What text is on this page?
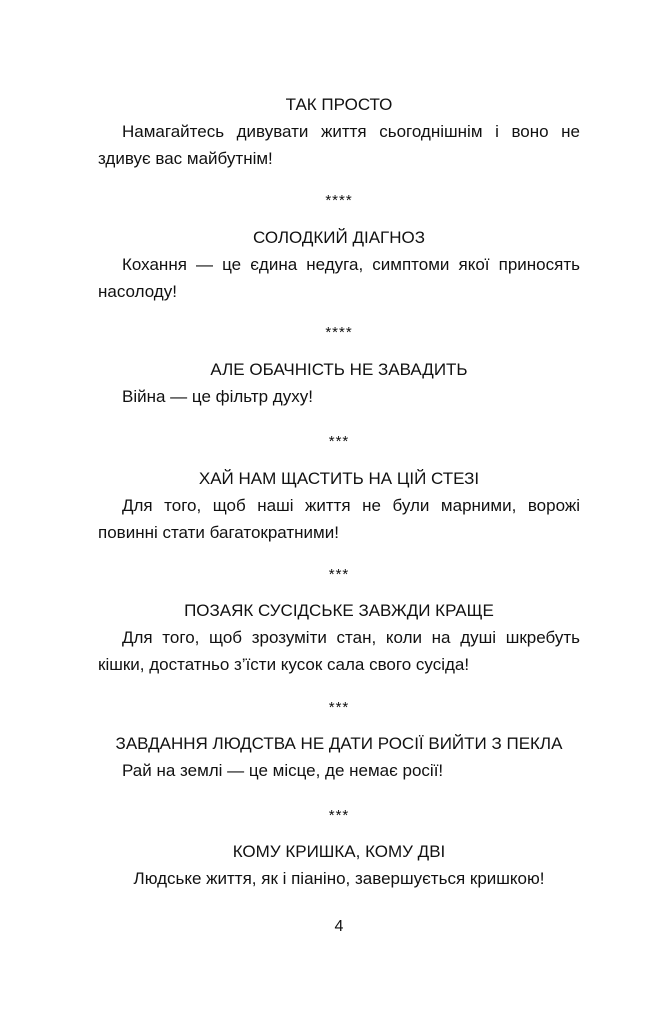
ТАК ПРОСТО

Намагайтесь дивувати життя сьогоднішнім і воно не здивує вас майбутнім!

****
СОЛОДКИЙ ДІАГНОЗ

Кохання — це єдина недуга, симптоми якої приносять насолоду!

****
АЛЕ ОБАЧНІСТЬ НЕ ЗАВАДИТЬ

Війна — це фільтр духу!

***
ХАЙ НАМ ЩАСТИТЬ НА ЦІЙ СТЕЗІ

Для того, щоб наші життя не були марними, ворожі повинні стати багатократними!

***
ПОЗАЯК СУСІДСЬКЕ ЗАВЖДИ КРАЩЕ

Для того, щоб зрозуміти стан, коли на душі шкребуть кішки, достатньо з’їсти кусок сала свого сусіда!

***
ЗАВДАННЯ ЛЮДСТВА НЕ ДАТИ РОСІЇ ВИЙТИ З ПЕКЛА

Рай на землі — це місце, де немає росії!

***
КОМУ КРИШКА, КОМУ ДВІ

Людське життя, як і піаніно, завершується кришкою!

4
